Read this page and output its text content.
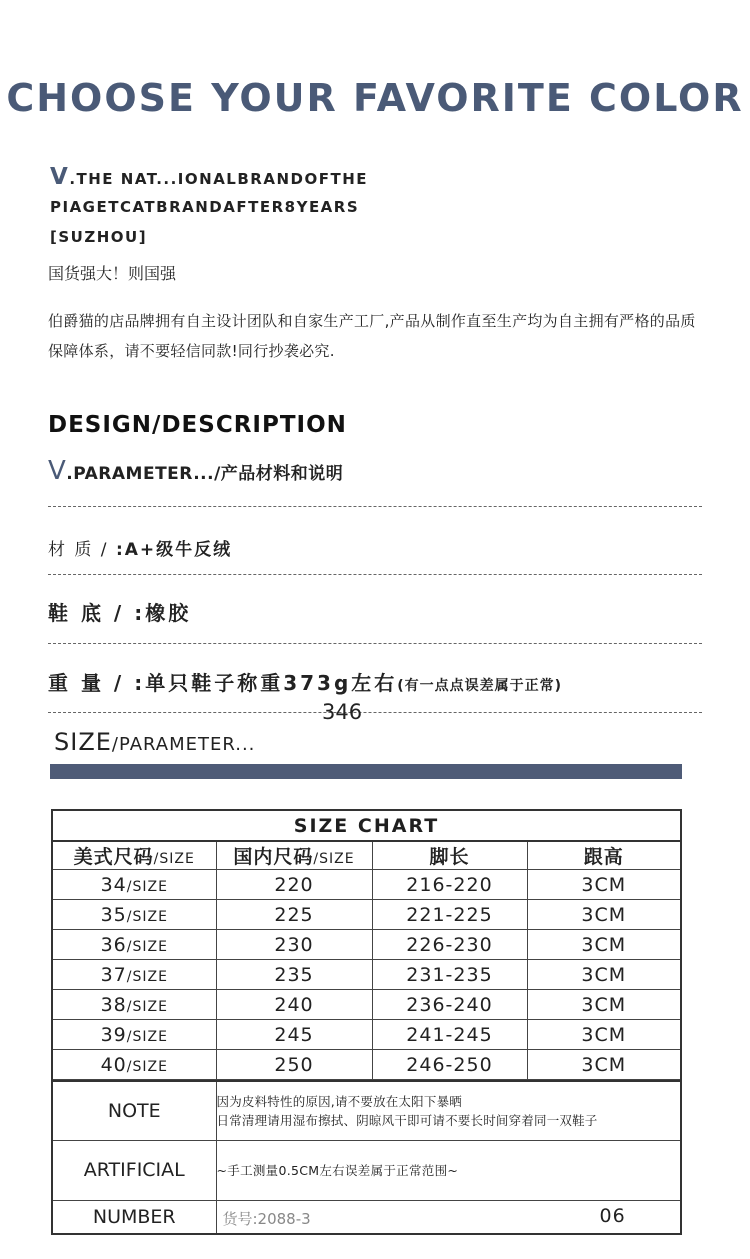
CHOOSE YOUR FAVORITE COLOR
V.THE NAT...IONALBRANDOFTHE
PIAGETCATBRANDAFTER8YEARS
[SUZHOU]
国货强大！则国强
伯爵猫的店品牌拥有自主设计团队和自家生产工厂,产品从制作直至生产均为自主拥有严格的品质保障体系，请不要轻信同款!同行抄袭必究.
DESIGN/DESCRIPTION
V.PARAMETER.../产品材料和说明
材 质 / :A+级牛反绒
鞋 底 / :橡胶
重 量 / :单只鞋子称重373g左右(有一点点误差属于正常)
346
SIZE/PARAMETER...
SIZE CHART
美式尺码/SIZE	国内尺码/SIZE	脚长	跟高
34/SIZE	220	216-220	3CM
35/SIZE	225	221-225	3CM
36/SIZE	230	226-230	3CM
37/SIZE	235	231-235	3CM
38/SIZE	240	236-240	3CM
39/SIZE	245	241-245	3CM
40/SIZE	250	246-250	3CM
NOTE	因为皮料特性的原因,请不要放在太阳下暴晒
日常清理请用湿布擦拭、阴晾风干即可请不要长时间穿着同一双鞋子

ARTIFICIAL	~手工测量0.5CM左右误差属于正常范围~
NUMBER	货号:2088-3 06
